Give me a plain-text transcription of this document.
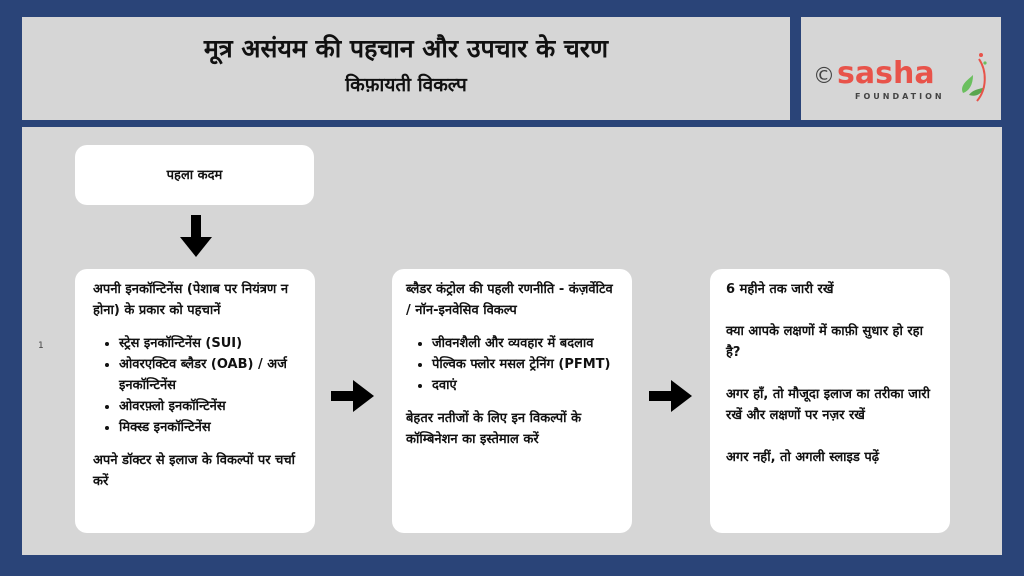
मूत्र असंयम की पहचान और उपचार के चरण
किफ़ायती विकल्प	© sasha
FOUNDATION
1
पहला कदम

अपनी इनकॉन्टिनेंस (पेशाब पर नियंत्रण न होना) के प्रकार को पहचानें

• स्ट्रेस इनकॉन्टिनेंस (SUI)
• ओवरएक्टिव ब्लैडर (OAB) / अर्ज इनकॉन्टिनेंस
• ओवरफ़्लो इनकॉन्टिनेंस
• मिक्स्ड इनकॉन्टिनेंस

अपने डॉक्टर से इलाज के विकल्पों पर चर्चा करें

ब्लैडर कंट्रोल की पहली रणनीति - कंज़र्वेटिव / नॉन-इनवेसिव विकल्प

• जीवनशैली और व्यवहार में बदलाव
• पेल्विक फ्लोर मसल ट्रेनिंग (PFMT)
• दवाएं

बेहतर नतीजों के लिए इन विकल्पों के कॉम्बिनेशन का इस्तेमाल करें

6 महीने तक जारी रखें

क्या आपके लक्षणों में काफ़ी सुधार हो रहा है?

अगर हाँ, तो मौजूदा इलाज का तरीका जारी रखें और लक्षणों पर नज़र रखें

अगर नहीं, तो अगली स्लाइड पढ़ें
